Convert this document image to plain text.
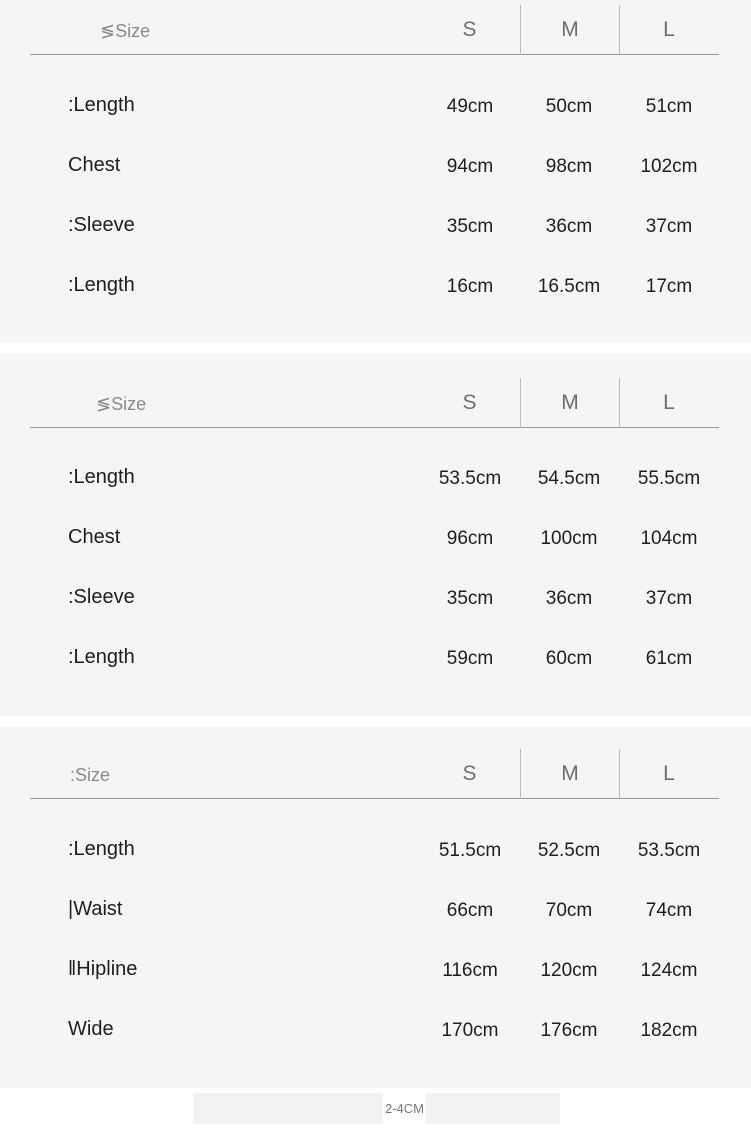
≶Size	S	M	L
:Length	49cm	50cm	51cm
Chest	94cm	98cm	102cm
:Sleeve	35cm	36cm	37cm
:Length	16cm	16.5cm	17cm
≶Size	S	M	L
:Length	53.5cm	54.5cm	55.5cm
Chest	96cm	100cm	104cm
:Sleeve	35cm	36cm	37cm
:Length	59cm	60cm	61cm
:Size	S	M	L
:Length	51.5cm	52.5cm	53.5cm
|Waist	66cm	70cm	74cm
‖Hipline	116cm	120cm	124cm
Wide	170cm	176cm	182cm
2-4CM
